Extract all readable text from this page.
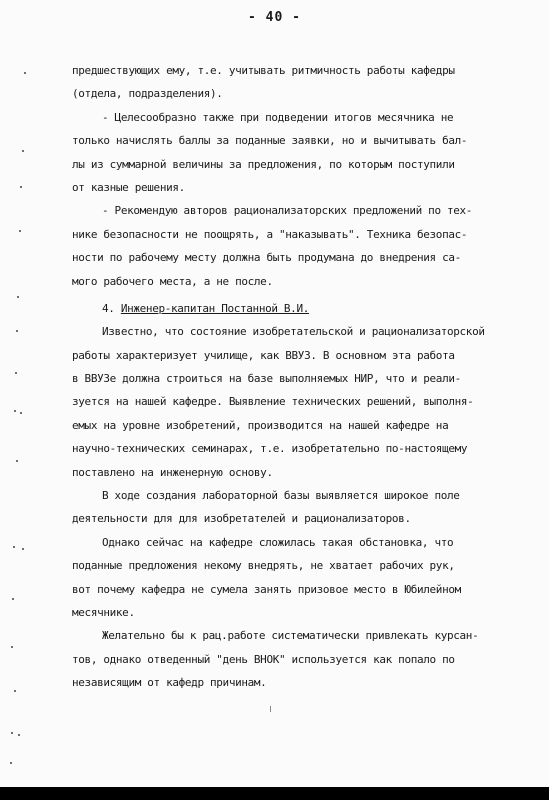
- 40 -
предшествующих ему, т.е. учитывать ритмичность работы кафедры
(отдела, подразделения).
- Целесообразно также при подведении итогов месячника не
только начислять баллы за поданные заявки, но и вычитывать бал-
лы из суммарной величины за предложения, по которым поступили
от казные решения.
- Рекомендую авторов рационализаторских предложений по тех-
нике безопасности не поощрять, а "наказывать". Техника безопас-
ности по рабочему месту должна быть продумана до внедрения са-
мого рабочего места, а не после.
4. Инженер-капитан Постанной В.И.
Известно, что состояние изобретательской и рационализаторской
работы характеризует училище, как ВВУЗ. В основном эта работа
в ВВУЗе должна строиться на базе выполняемых НИР, что и реали-
зуется на нашей кафедре. Выявление технических решений, выполня-
емых на уровне изобретений, производится на нашей кафедре на
научно-технических семинарах, т.е. изобретательно по-настоящему
поставлено на инженерную основу.
В ходе создания лабораторной базы выявляется широкое поле
деятельности для для изобретателей и рационализаторов.
Однако сейчас на кафедре сложилась такая обстановка, что
поданные предложения некому внедрять, не хватает рабочих рук,
вот почему кафедра не сумела занять призовое место в Юбилейном
месячнике.
Желательно бы к рац.работе систематически привлекать курсан-
тов, однако отведенный "день ВНОК" используется как попало по
независящим от кафедр причинам.
